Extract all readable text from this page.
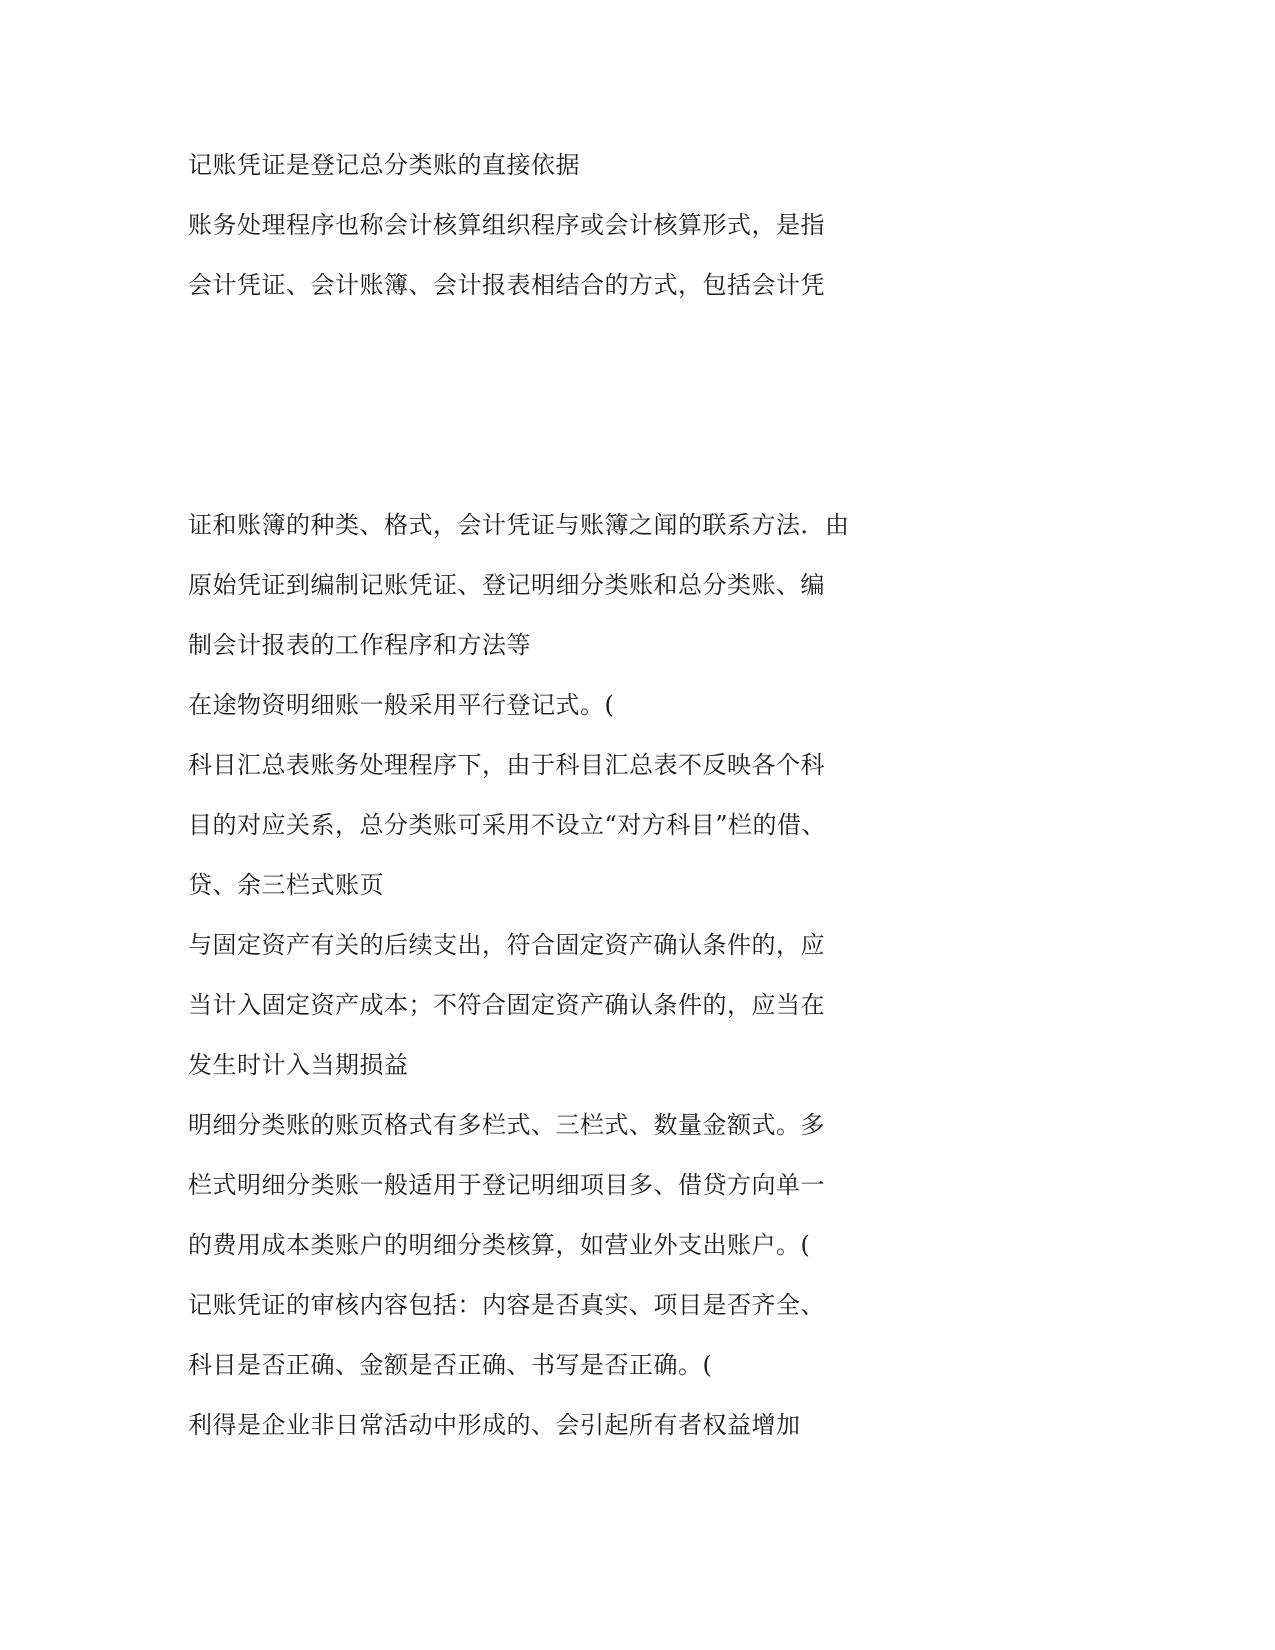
记账凭证是登记总分类账的直接依据
账务处理程序也称会计核算组织程序或会计核算形式，是指
会计凭证、会计账簿、会计报表相结合的方式，包括会计凭
证和账簿的种类、格式，会计凭证与账簿之闻的联系方法．由
原始凭证到编制记账凭证、登记明细分类账和总分类账、编
制会计报表的工作程序和方法等
在途物资明细账一般采用平行登记式。(
科目汇总表账务处理程序下，由于科目汇总表不反映各个科
目的对应关系，总分类账可采用不设立“对方科目”栏的借、
贷、余三栏式账页
与固定资产有关的后续支出，符合固定资产确认条件的，应
当计入固定资产成本；不符合固定资产确认条件的，应当在
发生时计入当期损益
明细分类账的账页格式有多栏式、三栏式、数量金额式。多
栏式明细分类账一般适用于登记明细项目多、借贷方向单一
的费用成本类账户的明细分类核算，如营业外支出账户。(
记账凭证的审核内容包括：内容是否真实、项目是否齐全、
科目是否正确、金额是否正确、书写是否正确。(
利得是企业非日常活动中形成的、会引起所有者权益增加
